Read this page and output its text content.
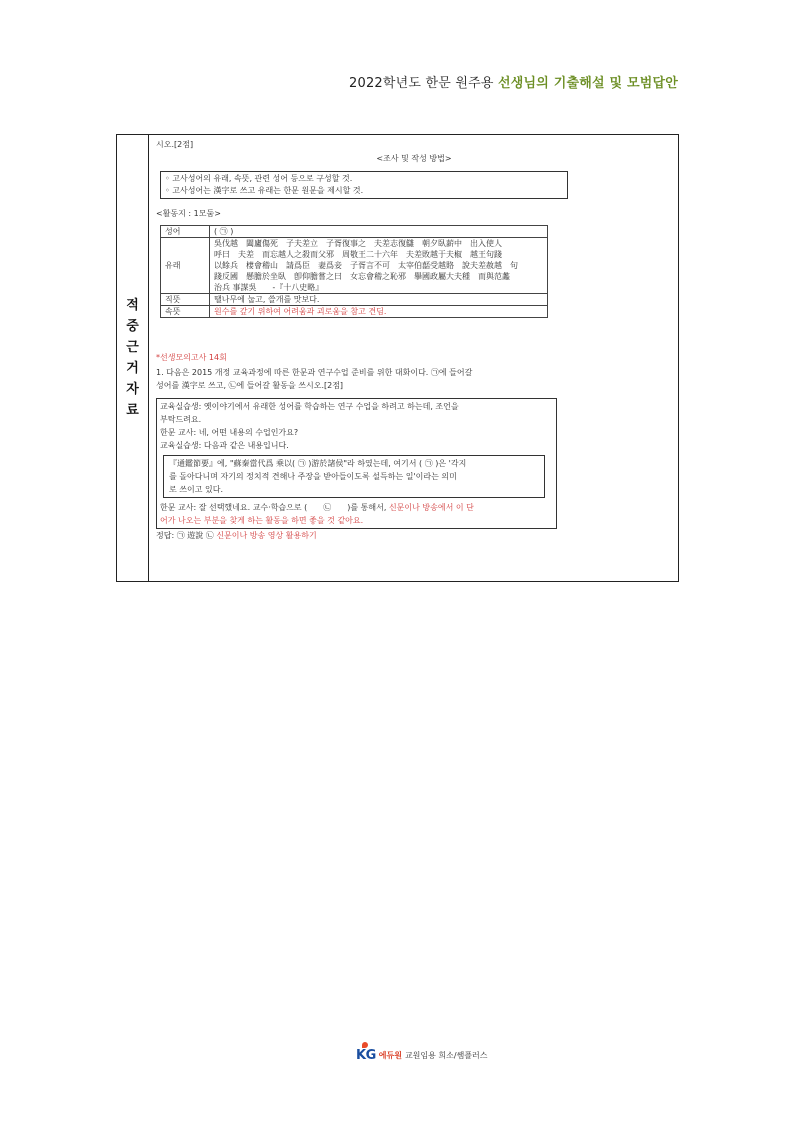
2022학년도 한문 원주용 선생님의 기출해설 및 모범답안
적
중
근
거
자
료
시오.[2점]
<조사 및 작성 방법>
◦ 고사성어의 유래, 속뜻, 관련 성어 등으로 구성할 것.
◦ 고사성어는 漢字로 쓰고 유래는 한문 원문을 제시할 것.
<활동지 : 1모둠>
성어	( ㉠ )
유래	吳伐越　闔廬傷死　子夫差立　子胥復事之　夫差志復讎　朝夕臥薪中　出入使人
呼曰　夫差　而忘越人之殺而父邪　周敬王二十六年　夫差敗越于夫椒　越王句踐
以餘兵　棲會稽山　請爲臣　妻爲妾　子胥言不可　太宰伯嚭受越賂　說夫差赦越　句
踐反國　懸膽於坐臥　卽仰膽嘗之曰　女忘會稽之恥邪　擧國政屬大夫種　而與范蠡
治兵 事謀吳　　-『十八史略』

직뜻	땔나무에 눕고, 쓸개를 맛보다.
속뜻	원수를 갚기 위하여 어려움과 괴로움을 참고 견딤.
*선생모의고사 14회
1. 다음은 2015 개정 교육과정에 따른 한문과 연구수업 준비를 위한 대화이다. ㉠에 들어갈
성어를 漢字로 쓰고, ㉡에 들어갈 활동을 쓰시오.[2점]
교육실습생: 옛이야기에서 유래한 성어를 학습하는 연구 수업을 하려고 하는데, 조언을
부탁드려요.
한문 교사: 네, 어떤 내용의 수업인가요?
교육실습생: 다음과 같은 내용입니다.
『通鑑節要』에, "蘇秦當代爲 乘以( ㉠ )游於諸侯"라 하였는데, 여기서 ( ㉠ )은 '각지
를 돌아다니며 자기의 정치적 견해나 주장을 받아들이도록 설득하는 일'이라는 의미
로 쓰이고 있다.
한문 교사: 잘 선택했네요. 교수·학습으로 (　　㉡　　)를 통해서, 신문이나 방송에서 이 단
어가 나오는 부분을 찾게 하는 활동을 하면 좋을 것 같아요.
정답: ㉠ 遊說 ㉡ 신문이나 방송 영상 활용하기
KG 에듀원 교원임용 희소/쌤플러스
